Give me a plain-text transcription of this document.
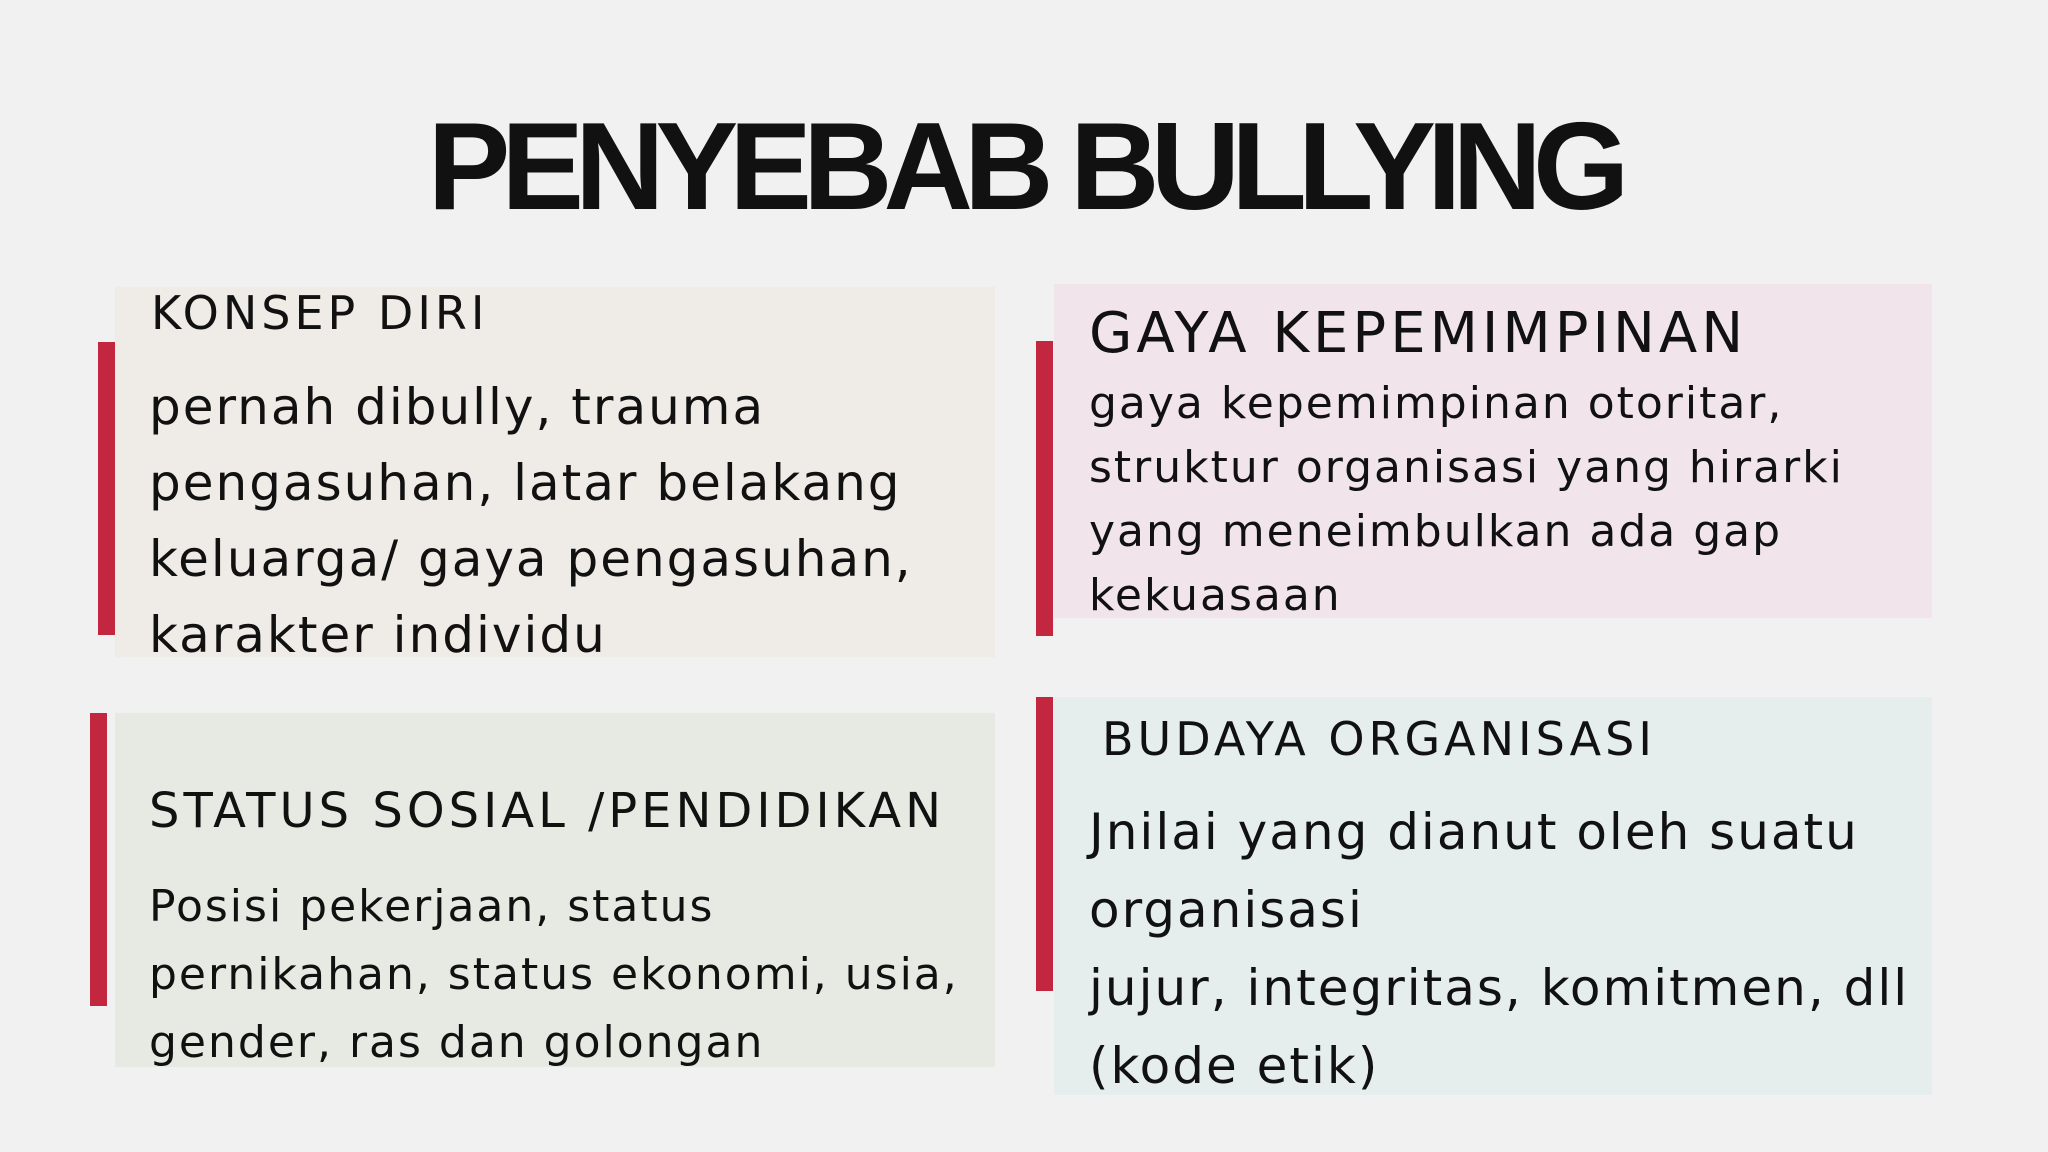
PENYEBAB BULLYING
KONSEP DIRI
pernah dibully, trauma
pengasuhan, latar belakang
keluarga/ gaya pengasuhan,
karakter individu
GAYA KEPEMIMPINAN
gaya kepemimpinan otoritar,
struktur organisasi yang hirarki
yang meneimbulkan ada gap
kekuasaan
STATUS SOSIAL /PENDIDIKAN
Posisi pekerjaan, status
pernikahan, status ekonomi, usia,
gender, ras dan golongan
BUDAYA ORGANISASI
Jnilai yang dianut oleh suatu
organisasi
jujur, integritas, komitmen, dll
(kode etik)
